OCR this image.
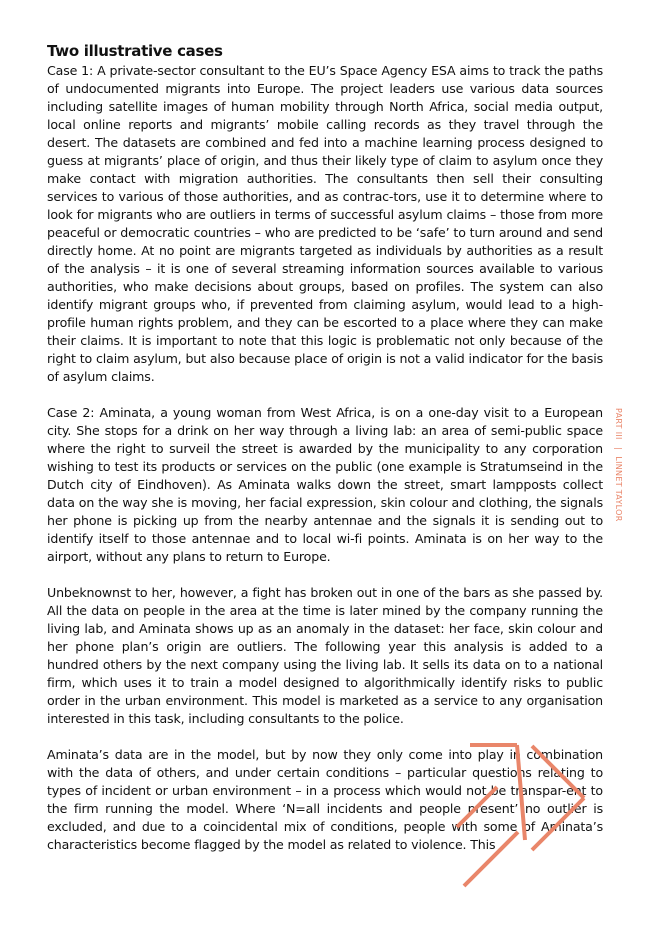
Two illustrative cases

Case 1: A private-sector consultant to the EU’s Space Agency ESA aims to track the paths of undocumented migrants into Europe. The project leaders use various data sources including satellite images of human mobility through North Africa, social media output, local online reports and migrants’ mobile calling records as they travel through the desert. The datasets are combined and fed into a machine learning process designed to guess at migrants’ place of origin, and thus their likely type of claim to asylum once they make contact with migration authorities. The consultants then sell their consulting services to various of those authorities, and as contrac-tors, use it to determine where to look for migrants who are outliers in terms of successful asylum claims – those from more peaceful or democratic countries – who are predicted to be ‘safe’ to turn around and send directly home. At no point are migrants targeted as individuals by authorities as a result of the analysis – it is one of several streaming information sources available to various authorities, who make decisions about groups, based on profiles. The system can also identify migrant groups who, if prevented from claiming asylum, would lead to a high-profile human rights problem, and they can be escorted to a place where they can make their claims. It is important to note that this logic is problematic not only because of the right to claim asylum, but also because place of origin is not a valid indicator for the basis of asylum claims.

Case 2: Aminata, a young woman from West Africa, is on a one-day visit to a European city. She stops for a drink on her way through a living lab: an area of semi-public space where the right to surveil the street is awarded by the municipality to any corporation wishing to test its products or services on the public (one example is Stratumseind in the Dutch city of Eindhoven). As Aminata walks down the street, smart lampposts collect data on the way she is moving, her facial expression, skin colour and clothing, the signals her phone is picking up from the nearby antennae and the signals it is sending out to identify itself to those antennae and to local wi-fi points. Aminata is on her way to the airport, without any plans to return to Europe.

Unbeknownst to her, however, a fight has broken out in one of the bars as she passed by. All the data on people in the area at the time is later mined by the company running the living lab, and Aminata shows up as an anomaly in the dataset: her face, skin colour and her phone plan’s origin are outliers. The following year this analysis is added to a hundred others by the next company using the living lab. It sells its data on to a national firm, which uses it to train a model designed to algorithmically identify risks to public order in the urban environment. This model is marketed as a service to any organisation interested in this task, including consultants to the police.

Aminata’s data are in the model, but by now they only come into play in combination with the data of others, and under certain conditions – particular questions relating to types of incident or urban environment – in a process which would not be transpar-ent to the firm running the model. Where ‘N=all incidents and people present’ no outlier is excluded, and due to a coincidental mix of conditions, people with some of Aminata’s characteristics become flagged by the model as related to violence. This

PART III | LINNET TAYLOR
